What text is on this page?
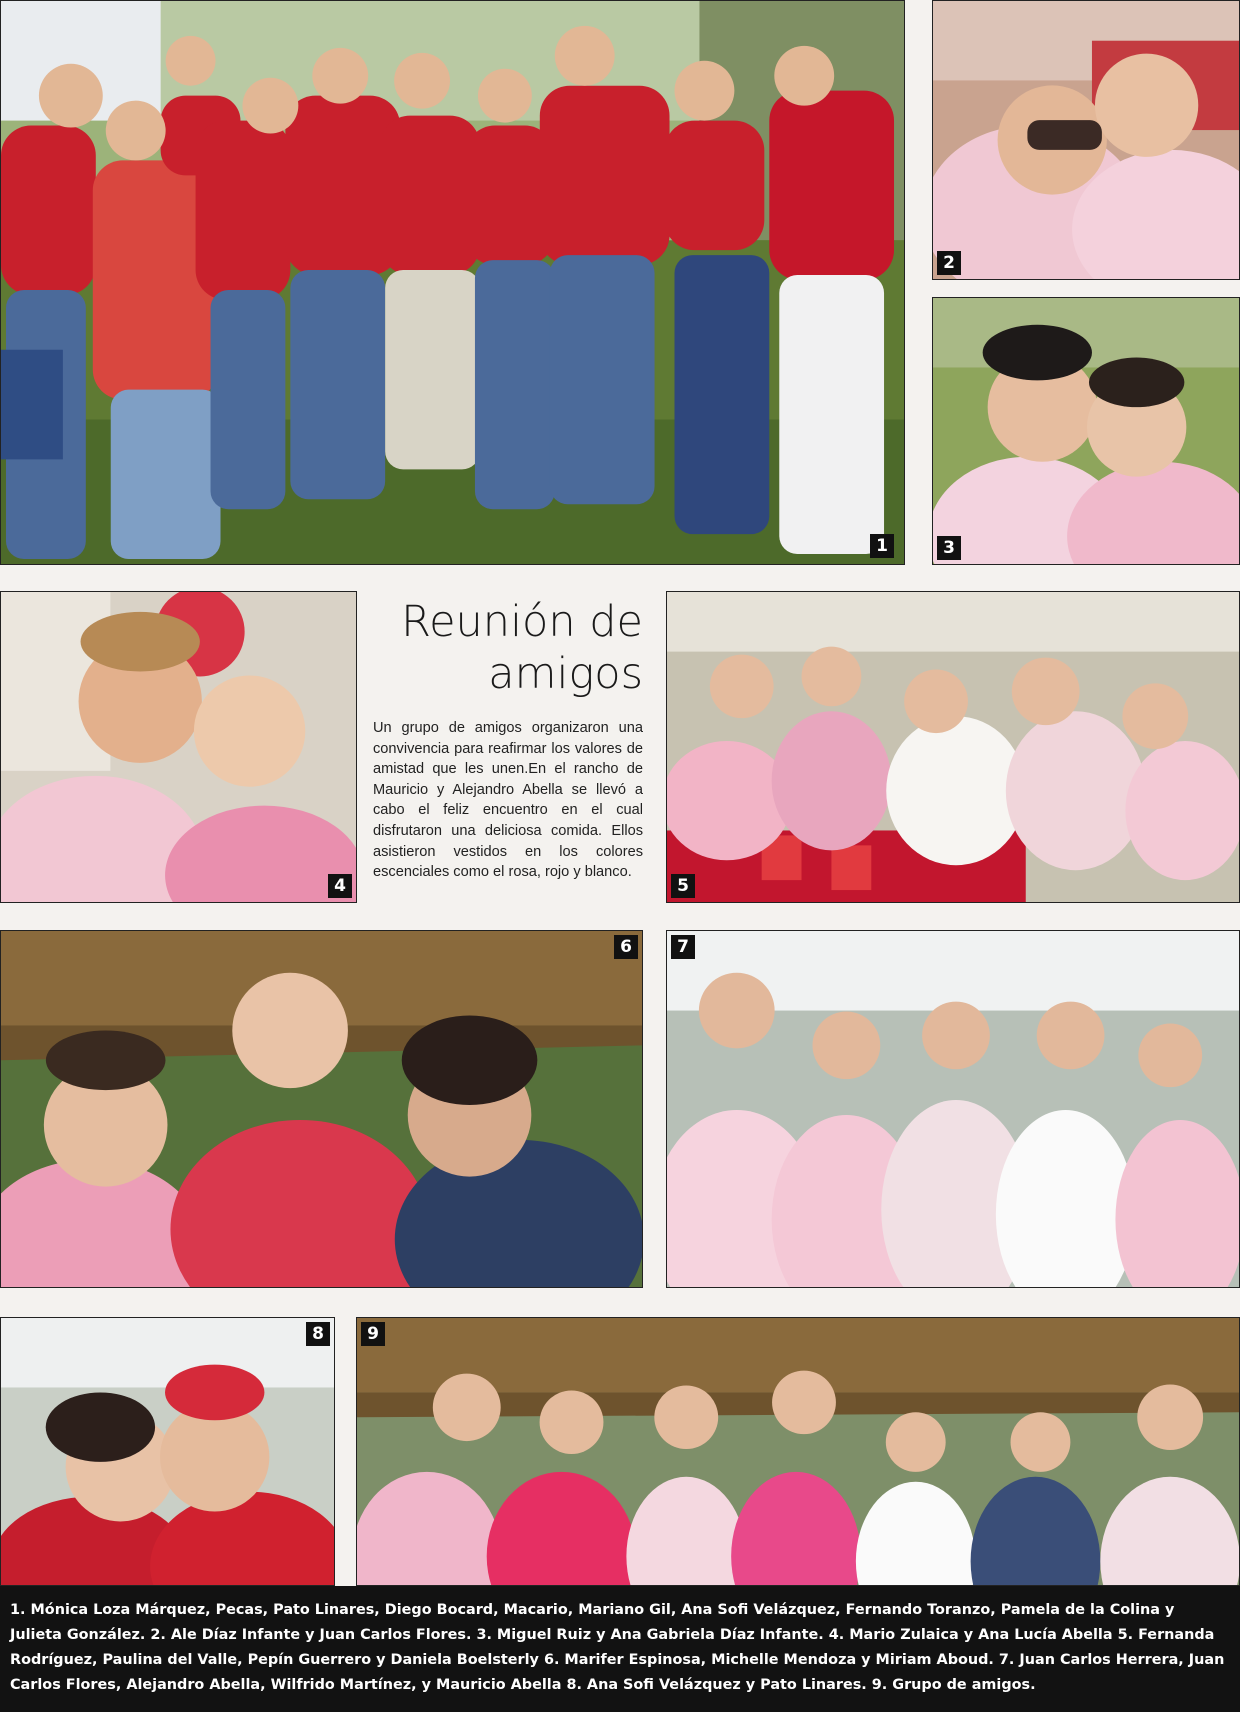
1
2
3
4
Reunión de
amigos

Un grupo de amigos organizaron una convivencia para reafirmar los valores de amistad que les unen.En el rancho de Mauricio y Alejandro Abella se llevó a cabo el feliz encuentro en el cual disfrutaron una deliciosa comida. Ellos asistieron vestidos en los colores escenciales como el rosa, rojo y blanco.

5
6	7
8	9

1. Mónica Loza Márquez, Pecas, Pato Linares, Diego Bocard, Macario, Mariano Gil, Ana Sofi Velázquez, Fernando Toranzo, Pamela de la Colina y Julieta González. 2. Ale Díaz Infante y Juan Carlos Flores. 3. Miguel Ruiz y Ana Gabriela Díaz Infante. 4. Mario Zulaica y Ana Lucía Abella 5. Fernanda Rodríguez, Paulina del Valle, Pepín Guerrero y Daniela Boelsterly 6. Marifer Espinosa, Michelle Mendoza y Miriam Aboud. 7. Juan Carlos Herrera, Juan Carlos Flores, Alejandro Abella, Wilfrido Martínez, y Mauricio Abella 8. Ana Sofi Velázquez y Pato Linares. 9. Grupo de amigos.
